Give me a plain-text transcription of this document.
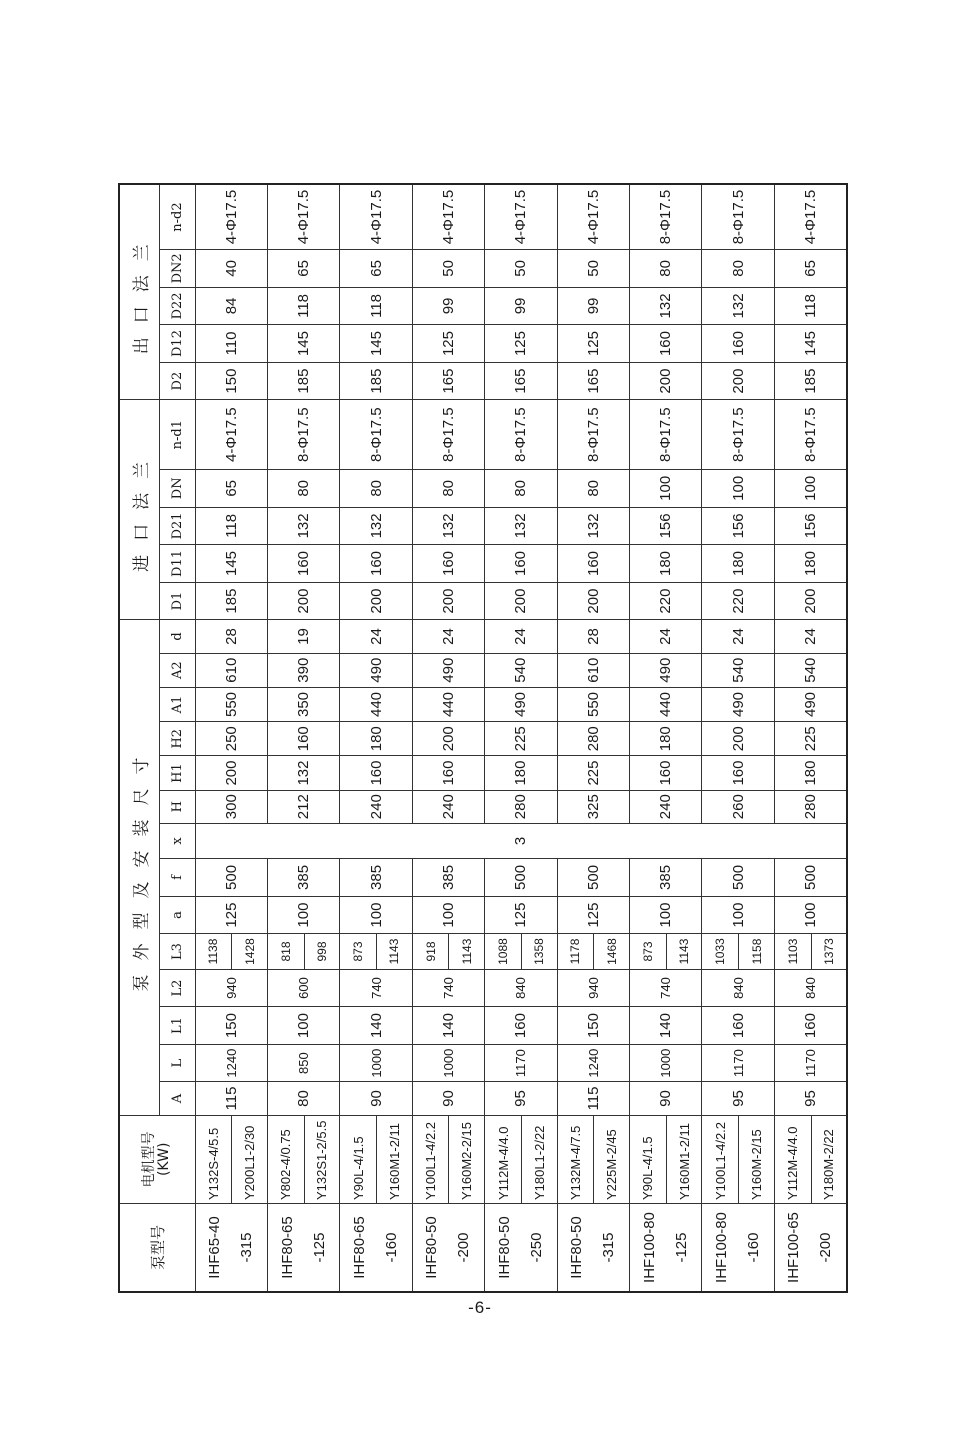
泵型号	电机型号
(KW)	泵外型及安装尺寸														进口法兰					出口法兰				
		A	L	L1	L2	L3	a	f	x	H	H1	H2	A1	A2	d	D1	D11	D21	DN	n-d1	D2	D12	D22	DN2	n-d2
IHF65-40 -315	Y132S-4/5.5	115	1240	150	940	1138	125	500	3	300	200	250	550	610	28	185	145	118	65	4-Φ17.5	150	110	84	40	4-Φ17.5
	Y200L1-2/30					1428																			
IHF80-65 -125	Y802-4/0.75	80	850	100	600	818	100	385		212	132	160	350	390	19	200	160	132	80	8-Φ17.5	185	145	118	65	4-Φ17.5
	Y132S1-2/5.5					998																			
IHF80-65 -160	Y90L-4/1.5	90	1000	140	740	873	100	385		240	160	180	440	490	24	200	160	132	80	8-Φ17.5	185	145	118	65	4-Φ17.5
	Y160M1-2/11					1143																			
IHF80-50 -200	Y100L1-4/2.2	90	1000	140	740	918	100	385		240	160	200	440	490	24	200	160	132	80	8-Φ17.5	165	125	99	50	4-Φ17.5
	Y160M2-2/15					1143																			
IHF80-50 -250	Y112M-4/4.0	95	1170	160	840	1088	125	500		280	180	225	490	540	24	200	160	132	80	8-Φ17.5	165	125	99	50	4-Φ17.5
	Y180L1-2/22					1358																			
IHF80-50 -315	Y132M-4/7.5	115	1240	150	940	1178	125	500		325	225	280	550	610	28	200	160	132	80	8-Φ17.5	165	125	99	50	4-Φ17.5
	Y225M-2/45					1468																			
IHF100-80 -125	Y90L-4/1.5	90	1000	140	740	873	100	385		240	160	180	440	490	24	220	180	156	100	8-Φ17.5	200	160	132	80	8-Φ17.5
	Y160M1-2/11					1143																			
IHF100-80 -160	Y100L1-4/2.2	95	1170	160	840	1033	100	500		260	160	200	490	540	24	220	180	156	100	8-Φ17.5	200	160	132	80	8-Φ17.5
	Y160M-2/15					1158																			
IHF100-65 -200	Y112M-4/4.0	95	1170	160	840	1103	100	500		280	180	225	490	540	24	200	180	156	100	8-Φ17.5	185	145	118	65	4-Φ17.5
	Y180M-2/22					1373																			
-6-
